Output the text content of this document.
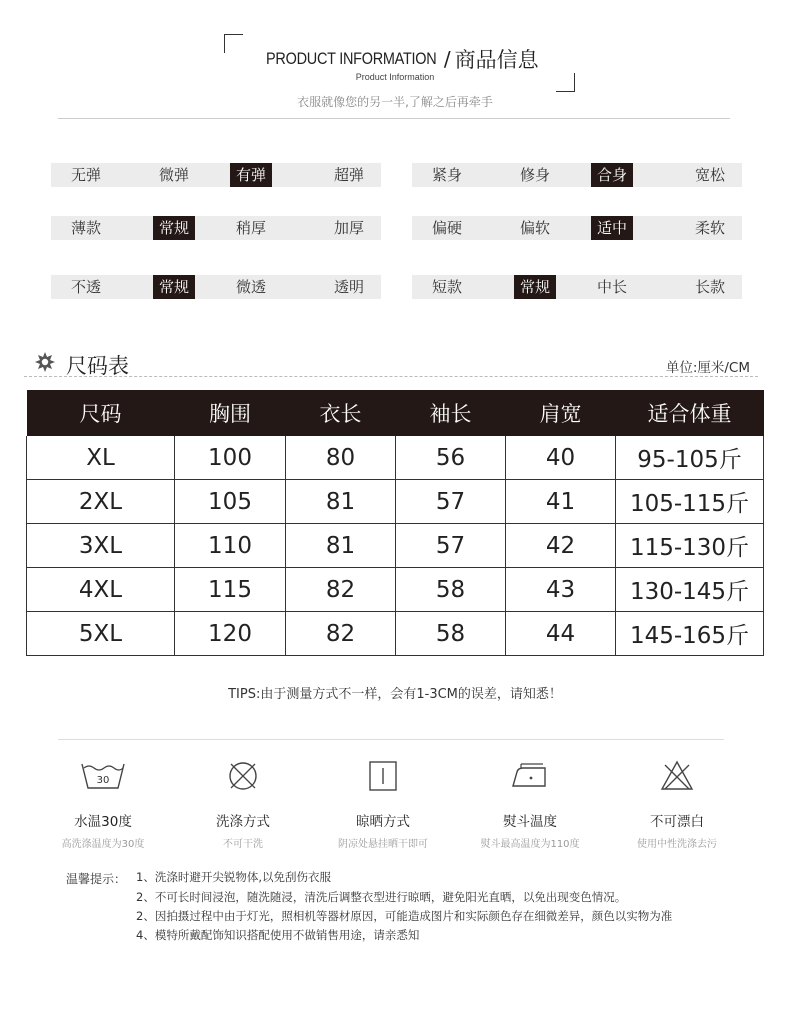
PRODUCT INFORMATION / 商品信息
Product Information
衣服就像您的另一半,了解之后再牵手
无弹	微弹	有弹	超弹	紧身	修身	合身	宽松
薄款	常规	稍厚	加厚	偏硬	偏软	适中	柔软
不透	常规	微透	透明	短款	常规	中长	长款
尺码表	单位:厘米/CM
尺码	胸围	衣长	袖长	肩宽	适合体重
XL	100	80	56	40	95-105斤
2XL	105	81	57	41	105-115斤
3XL	110	81	57	42	115-130斤
4XL	115	82	58	43	130-145斤
5XL	120	82	58	44	145-165斤
TIPS:由于测量方式不一样，会有1-3CM的误差，请知悉！
30
水温30度
高洗涤温度为30度
洗涤方式
不可干洗
晾晒方式
阴凉处悬挂晒干即可
熨斗温度
熨斗最高温度为110度
不可漂白
使用中性洗涤去污
温馨提示： 1、洗涤时避开尖锐物体,以免刮伤衣服
2、不可长时间浸泡，随洗随浸，清洗后调整衣型进行晾晒，避免阳光直晒，以免出现变色情况。
2、因拍摄过程中由于灯光，照相机等器材原因，可能造成图片和实际颜色存在细微差异，颜色以实物为准
4、模特所戴配饰知识搭配使用不做销售用途，请亲悉知
